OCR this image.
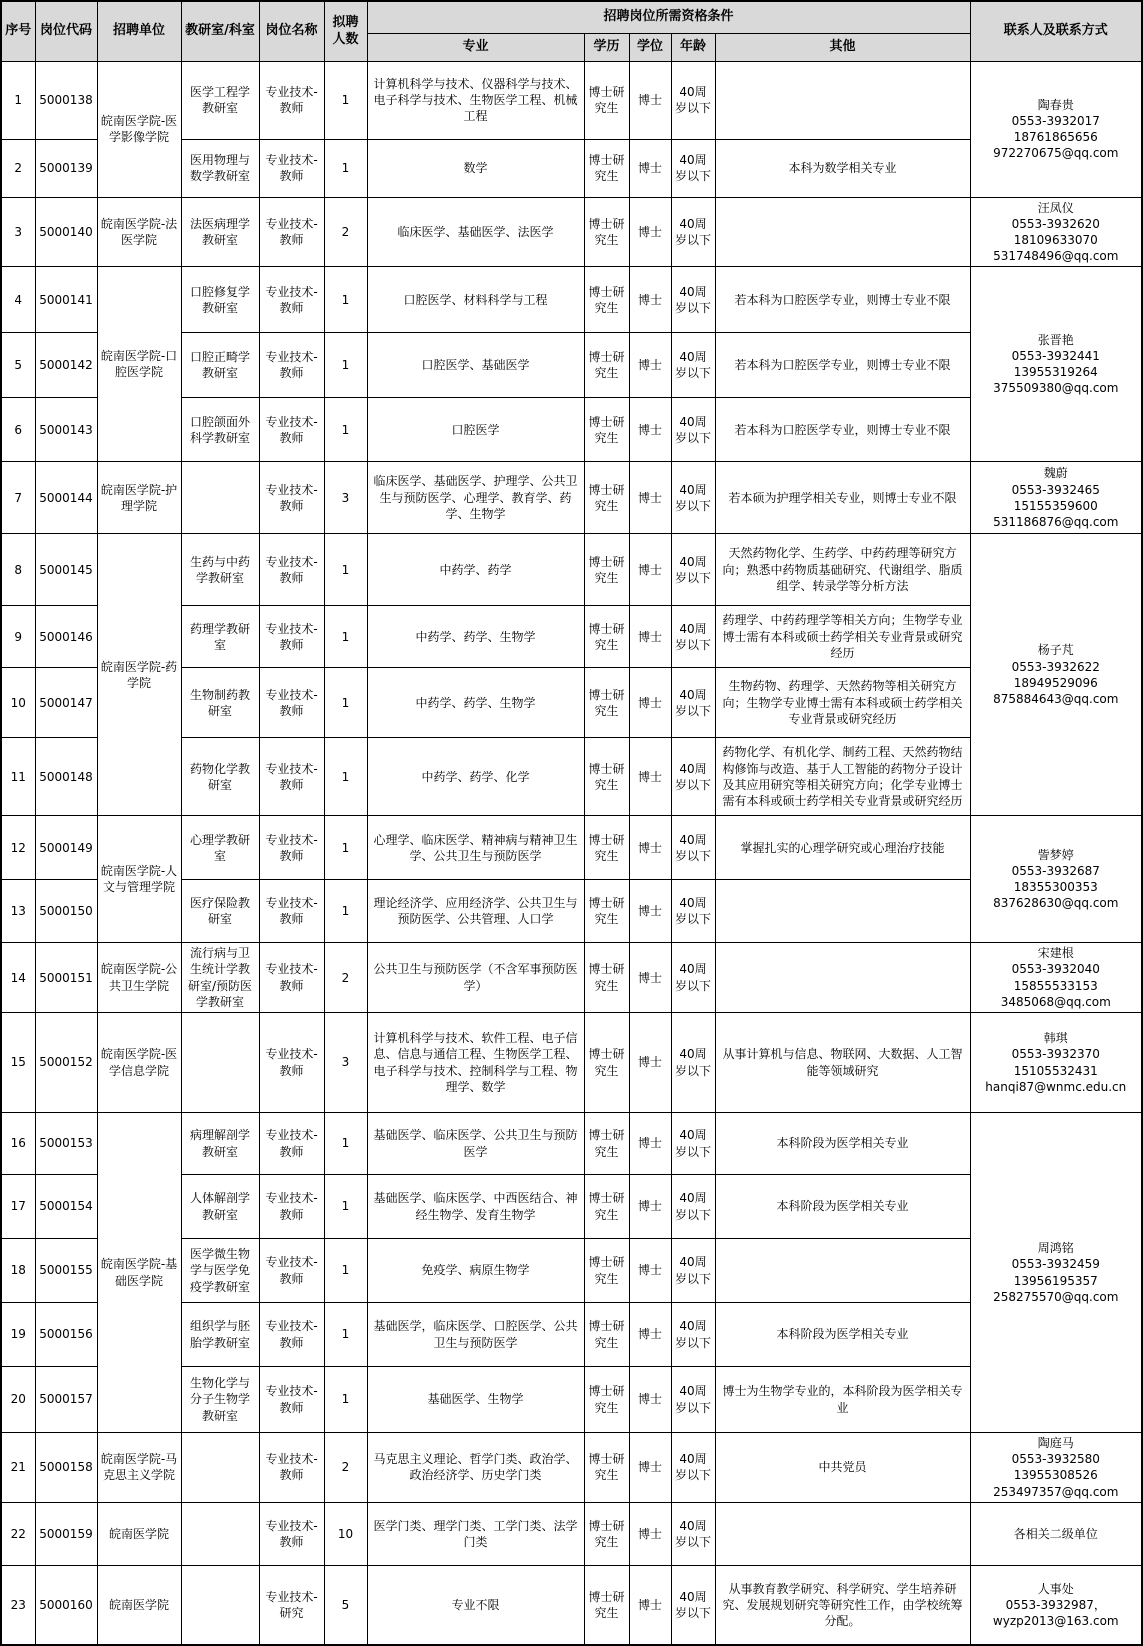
序号	岗位代码	招聘单位	教研室/科室	岗位名称	拟聘人数	招聘岗位所需资格条件					联系人及联系方式
						专业	学历	学位	年龄	其他	
1	5000138	皖南医学院-医学影像学院	医学工程学教研室	专业技术-教师	1	计算机科学与技术、仪器科学与技术、电子科学与技术、生物医学工程、机械工程	博士研究生	博士	40周岁以下		陶春贵
0553-3932017
18761865656
972270675@qq.com

2	5000139		医用物理与数学教研室	专业技术-教师	1	数学	博士研究生	博士	40周岁以下	本科为数学相关专业	
3	5000140	皖南医学院-法医学院	法医病理学教研室	专业技术-教师	2	临床医学、基础医学、法医学	博士研究生	博士	40周岁以下		汪凤仪
0553-3932620
18109633070
531748496@qq.com

4	5000141	皖南医学院-口腔医学院	口腔修复学教研室	专业技术-教师	1	口腔医学、材料科学与工程	博士研究生	博士	40周岁以下	若本科为口腔医学专业，则博士专业不限	张晋艳
0553-3932441
13955319264
375509380@qq.com

5	5000142		口腔正畸学教研室	专业技术-教师	1	口腔医学、基础医学	博士研究生	博士	40周岁以下	若本科为口腔医学专业，则博士专业不限	
6	5000143		口腔颌面外科学教研室	专业技术-教师	1	口腔医学	博士研究生	博士	40周岁以下	若本科为口腔医学专业，则博士专业不限	
7	5000144	皖南医学院-护理学院		专业技术-教师	3	临床医学、基础医学、护理学、公共卫生与预防医学、心理学、教育学、药学、生物学	博士研究生	博士	40周岁以下	若本硕为护理学相关专业，则博士专业不限	魏蔚
0553-3932465
15155359600
531186876@qq.com

8	5000145	皖南医学院-药学院	生药与中药学教研室	专业技术-教师	1	中药学、药学	博士研究生	博士	40周岁以下	天然药物化学、生药学、中药药理等研究方向；熟悉中药物质基础研究、代谢组学、脂质组学、转录学等分析方法	杨子芃
0553-3932622
18949529096
875884643@qq.com

9	5000146		药理学教研室	专业技术-教师	1	中药学、药学、生物学	博士研究生	博士	40周岁以下	药理学、中药药理学等相关方向；生物学专业博士需有本科或硕士药学相关专业背景或研究经历	
10	5000147		生物制药教研室	专业技术-教师	1	中药学、药学、生物学	博士研究生	博士	40周岁以下	生物药物、药理学、天然药物等相关研究方向；生物学专业博士需有本科或硕士药学相关专业背景或研究经历	
11	5000148		药物化学教研室	专业技术-教师	1	中药学、药学、化学	博士研究生	博士	40周岁以下	药物化学、有机化学、制药工程、天然药物结构修饰与改造、基于人工智能的药物分子设计及其应用研究等相关研究方向；化学专业博士需有本科或硕士药学相关专业背景或研究经历	
12	5000149	皖南医学院-人文与管理学院	心理学教研室	专业技术-教师	1	心理学、临床医学、精神病与精神卫生学、公共卫生与预防医学	博士研究生	博士	40周岁以下	掌握扎实的心理学研究或心理治疗技能	訾梦婷
0553-3932687
18355300353
837628630@qq.com

13	5000150		医疗保险教研室	专业技术-教师	1	理论经济学、应用经济学、公共卫生与预防医学、公共管理、人口学	博士研究生	博士	40周岁以下		
14	5000151	皖南医学院-公共卫生学院	流行病与卫生统计学教研室/预防医学教研室	专业技术-教师	2	公共卫生与预防医学（不含军事预防医学）	博士研究生	博士	40周岁以下		宋建根
0553-3932040
15855533153
3485068@qq.com

15	5000152	皖南医学院-医学信息学院		专业技术-教师	3	计算机科学与技术、软件工程、电子信息、信息与通信工程、生物医学工程、电子科学与技术、控制科学与工程、物理学、数学	博士研究生	博士	40周岁以下	从事计算机与信息、物联网、大数据、人工智能等领域研究	韩琪
0553-3932370
15105532431
hanqi87@wnmc.edu.cn

16	5000153	皖南医学院-基础医学院	病理解剖学教研室	专业技术-教师	1	基础医学、临床医学、公共卫生与预防医学	博士研究生	博士	40周岁以下	本科阶段为医学相关专业	周鸿铭
0553-3932459
13956195357
258275570@qq.com

17	5000154		人体解剖学教研室	专业技术-教师	1	基础医学、临床医学、中西医结合、神经生物学、发育生物学	博士研究生	博士	40周岁以下	本科阶段为医学相关专业	
18	5000155		医学微生物学与医学免疫学教研室	专业技术-教师	1	免疫学、病原生物学	博士研究生	博士	40周岁以下		
19	5000156		组织学与胚胎学教研室	专业技术-教师	1	基础医学，临床医学、口腔医学、公共卫生与预防医学	博士研究生	博士	40周岁以下	本科阶段为医学相关专业	
20	5000157		生物化学与分子生物学教研室	专业技术-教师	1	基础医学、生物学	博士研究生	博士	40周岁以下	博士为生物学专业的，本科阶段为医学相关专业	
21	5000158	皖南医学院-马克思主义学院		专业技术-教师	2	马克思主义理论、哲学门类、政治学、政治经济学、历史学门类	博士研究生	博士	40周岁以下	中共党员	陶庭马
0553-3932580
13955308526
253497357@qq.com

22	5000159	皖南医学院		专业技术-教师	10	医学门类、理学门类、工学门类、法学门类	博士研究生	博士	40周岁以下		各相关二级单位

23	5000160	皖南医学院		专业技术-研究	5	专业不限	博士研究生	博士	40周岁以下	从事教育教学研究、科学研究、学生培养研究、发展规划研究等研究性工作，由学校统筹分配。	人事处
0553-3932987，
wyzp2013@163.com
